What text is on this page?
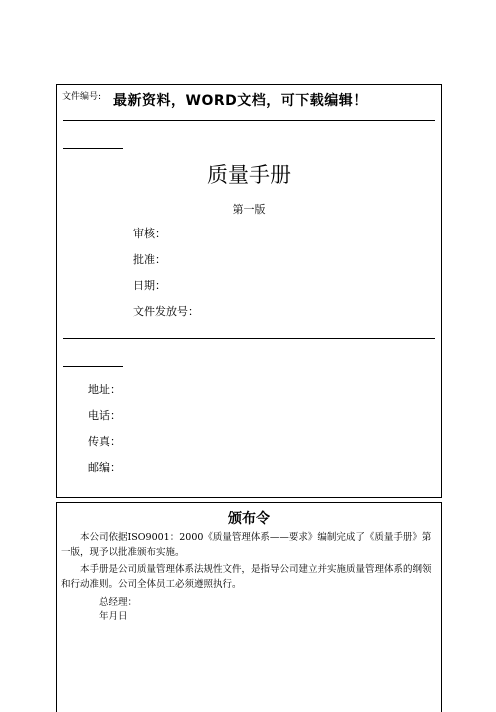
文件编号: 最新资料，WORD文档，可下载编辑！
质量手册
第一版
审核：
批准：
日期：
文件发放号：
地址：
电话：
传真：
邮编：
颁布令
本公司依据ISO9001：2000《质量管理体系——要求》编制完成了《质量手册》第一版，现予以批准颁布实施。
本手册是公司质量管理体系法规性文件，是指导公司建立并实施质量管理体系的纲领和行动准则。公司全体员工必须遵照执行。
总经理：
年月日
